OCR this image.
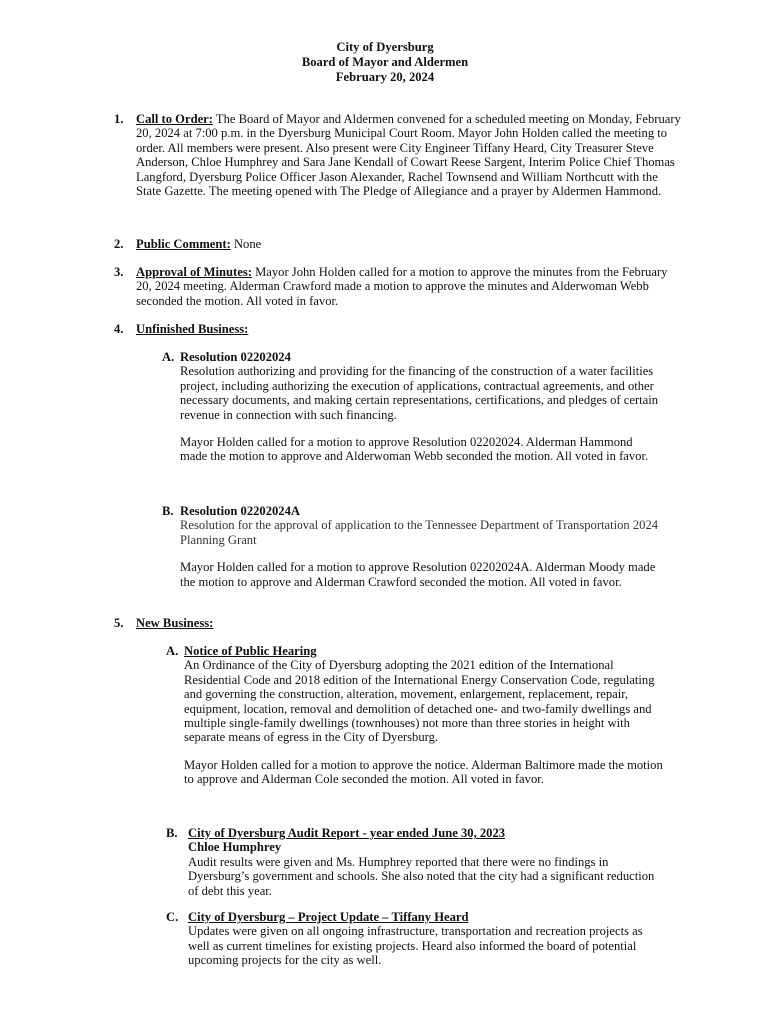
City of Dyersburg
Board of Mayor and Aldermen
February 20, 2024
1. Call to Order: The Board of Mayor and Aldermen convened for a scheduled meeting on Monday, February 20, 2024 at 7:00 p.m. in the Dyersburg Municipal Court Room. Mayor John Holden called the meeting to order. All members were present. Also present were City Engineer Tiffany Heard, City Treasurer Steve Anderson, Chloe Humphrey and Sara Jane Kendall of Cowart Reese Sargent, Interim Police Chief Thomas Langford, Dyersburg Police Officer Jason Alexander, Rachel Townsend and William Northcutt with the State Gazette. The meeting opened with The Pledge of Allegiance and a prayer by Aldermen Hammond.

2. Public Comment: None

3. Approval of Minutes: Mayor John Holden called for a motion to approve the minutes from the February 20, 2024 meeting. Alderman Crawford made a motion to approve the minutes and Alderwoman Webb seconded the motion. All voted in favor.

4. Unfinished Business:

A. Resolution 02202024

Resolution authorizing and providing for the financing of the construction of a water facilities project, including authorizing the execution of applications, contractual agreements, and other necessary documents, and making certain representations, certifications, and pledges of certain revenue in connection with such financing.

Mayor Holden called for a motion to approve Resolution 02202024. Alderman Hammond made the motion to approve and Alderwoman Webb seconded the motion. All voted in favor.

B. Resolution 02202024A

Resolution for the approval of application to the Tennessee Department of Transportation 2024 Planning Grant

Mayor Holden called for a motion to approve Resolution 02202024A. Alderman Moody made the motion to approve and Alderman Crawford seconded the motion. All voted in favor.

5. New Business:

A. Notice of Public Hearing

An Ordinance of the City of Dyersburg adopting the 2021 edition of the International Residential Code and 2018 edition of the International Energy Conservation Code, regulating and governing the construction, alteration, movement, enlargement, replacement, repair, equipment, location, removal and demolition of detached one- and two-family dwellings and multiple single-family dwellings (townhouses) not more than three stories in height with separate means of egress in the City of Dyersburg.

Mayor Holden called for a motion to approve the notice. Alderman Baltimore made the motion to approve and Alderman Cole seconded the motion. All voted in favor.

B. City of Dyersburg Audit Report - year ended June 30, 2023

Chloe Humphrey

Audit results were given and Ms. Humphrey reported that there were no findings in Dyersburg’s government and schools. She also noted that the city had a significant reduction of debt this year.

C. City of Dyersburg – Project Update – Tiffany Heard

Updates were given on all ongoing infrastructure, transportation and recreation projects as well as current timelines for existing projects. Heard also informed the board of potential upcoming projects for the city as well.
